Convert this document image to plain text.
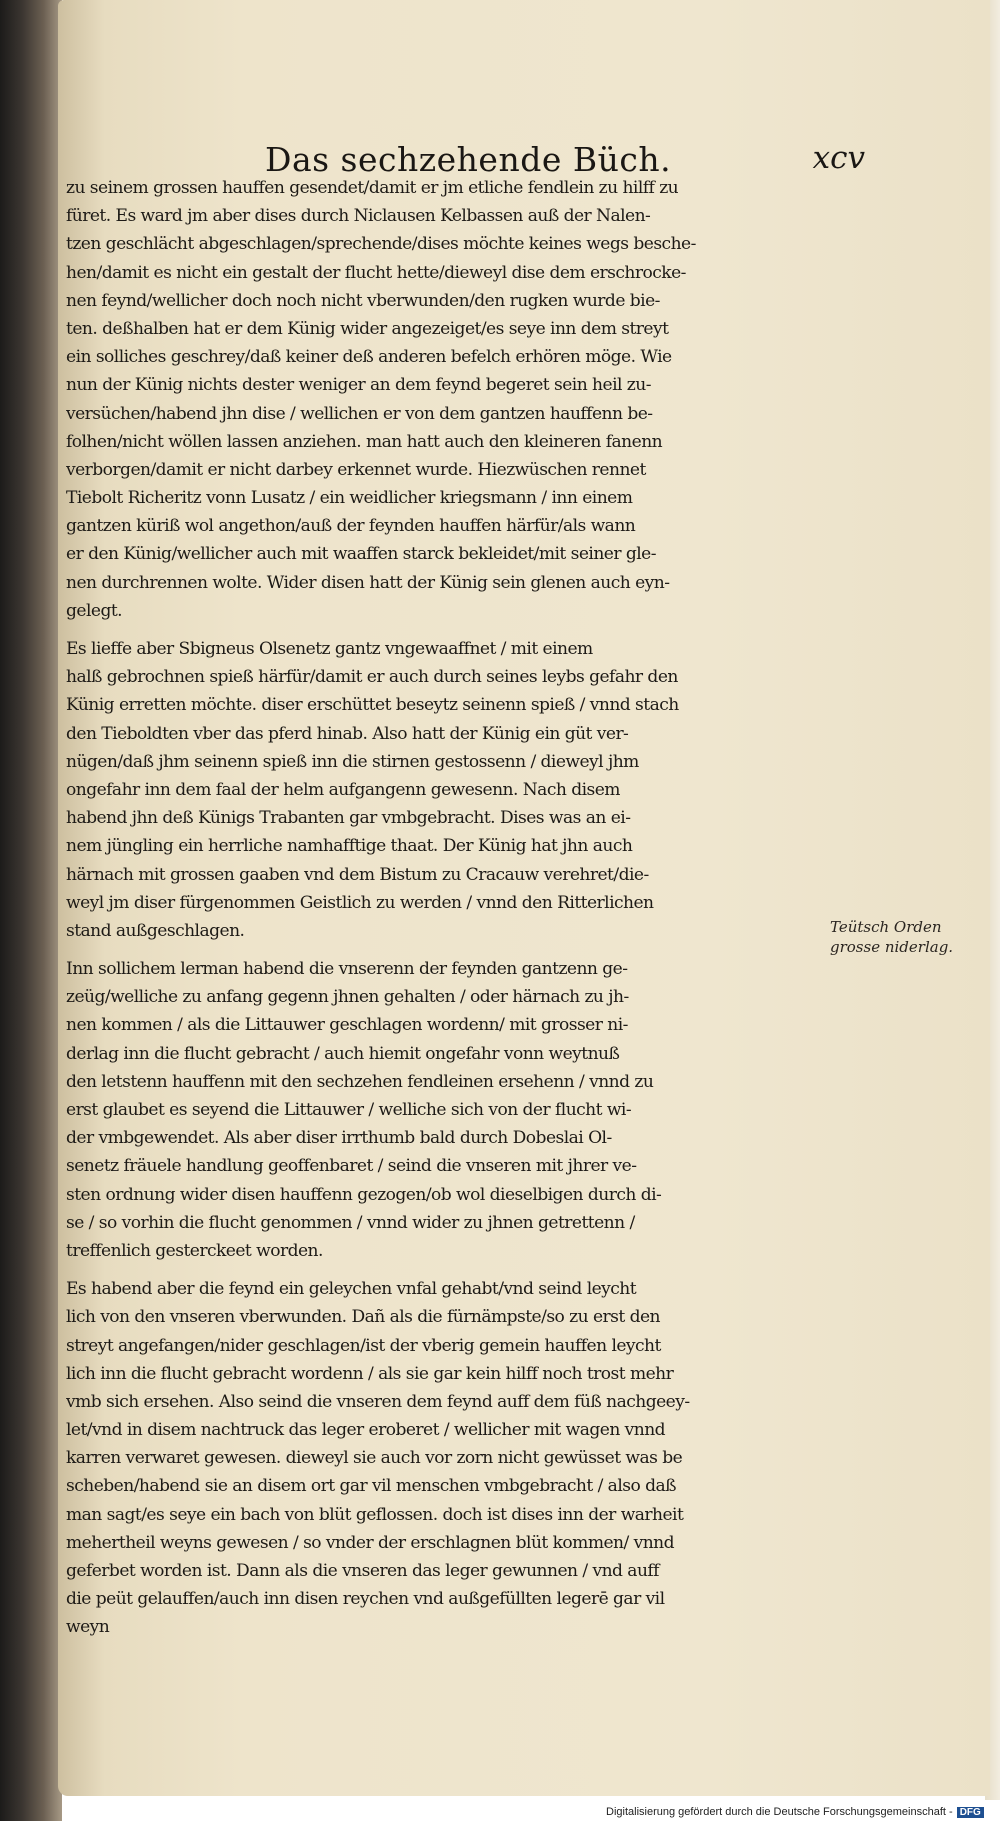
Das sechzehende Büch.	xcv
zu seinem grossen hauffen gesendet/damit er jm etliche fendlein zu hilff zu
füret. Es ward jm aber dises durch Niclausen Kelbassen auß der Nalen-
tzen geschlächt abgeschlagen/sprechende/dises möchte keines wegs besche-
hen/damit es nicht ein gestalt der flucht hette/dieweyl dise dem erschrocke-
nen feynd/wellicher doch noch nicht vberwunden/den rugken wurde bie-
ten. deßhalben hat er dem Künig wider angezeiget/es seye inn dem streyt
ein solliches geschrey/daß keiner deß anderen befelch erhören möge. Wie
nun der Künig nichts dester weniger an dem feynd begeret sein heil zu-
versüchen/habend jhn dise / wellichen er von dem gantzen hauffenn be-
folhen/nicht wöllen lassen anziehen. man hatt auch den kleineren fanenn
verborgen/damit er nicht darbey erkennet wurde. Hiezwüschen rennet
Tiebolt Richeritz vonn Lusatz / ein weidlicher kriegsmann / inn einem
gantzen küriß wol angethon/auß der feynden hauffen härfür/als wann
er den Künig/wellicher auch mit waaffen starck bekleidet/mit seiner gle-
nen durchrennen wolte. Wider disen hatt der Künig sein glenen auch eyn-
gelegt.
Es lieffe aber Sbigneus Olsenetz gantz vngewaaffnet / mit einem
halß gebrochnen spieß härfür/damit er auch durch seines leybs gefahr den
Künig erretten möchte. diser erschüttet beseytz seinenn spieß / vnnd stach
den Tieboldten vber das pferd hinab. Also hatt der Künig ein güt ver-
nügen/daß jhm seinenn spieß inn die stirnen gestossenn / dieweyl jhm
ongefahr inn dem faal der helm aufgangenn gewesenn. Nach disem
habend jhn deß Künigs Trabanten gar vmbgebracht. Dises was an ei-
nem jüngling ein herrliche namhafftige thaat. Der Künig hat jhn auch
härnach mit grossen gaaben vnd dem Bistum zu Cracauw verehret/die-
weyl jm diser fürgenommen Geistlich zu werden / vnnd den Ritterlichen
stand außgeschlagen.
Inn sollichem lerman habend die vnserenn der feynden gantzenn ge-
zeüg/welliche zu anfang gegenn jhnen gehalten / oder härnach zu jh-
nen kommen / als die Littauwer geschlagen wordenn/ mit grosser ni-
derlag inn die flucht gebracht / auch hiemit ongefahr vonn weytnuß
den letstenn hauffenn mit den sechzehen fendleinen ersehenn / vnnd zu
erst glaubet es seyend die Littauwer / welliche sich von der flucht wi-
der vmbgewendet. Als aber diser irrthumb bald durch Dobeslai Ol-
senetz fräuele handlung geoffenbaret / seind die vnseren mit jhrer ve-
sten ordnung wider disen hauffenn gezogen/ob wol dieselbigen durch di-
se / so vorhin die flucht genommen / vnnd wider zu jhnen getrettenn /
treffenlich gesterckeet worden.
Es habend aber die feynd ein geleychen vnfal gehabt/vnd seind leycht
lich von den vnseren vberwunden. Dañ als die fürnämpste/so zu erst den
streyt angefangen/nider geschlagen/ist der vberig gemein hauffen leycht
lich inn die flucht gebracht wordenn / als sie gar kein hilff noch trost mehr
vmb sich ersehen. Also seind die vnseren dem feynd auff dem füß nachgeey-
let/vnd in disem nachtruck das leger eroberet / wellicher mit wagen vnnd
karren verwaret gewesen. dieweyl sie auch vor zorn nicht gewüsset was be
scheben/habend sie an disem ort gar vil menschen vmbgebracht / also daß
man sagt/es seye ein bach von blüt geflossen. doch ist dises inn der warheit
mehertheil weyns gewesen / so vnder der erschlagnen blüt kommen/ vnnd
geferbet worden ist. Dann als die vnseren das leger gewunnen / vnd auff
die peüt gelauffen/auch inn disen reychen vnd außgefüllten legerē gar vil
weyn
Teütsch Orden
grosse niderlag.
Digitalisierung gefördert durch die Deutsche Forschungsgemeinschaft - DFG
